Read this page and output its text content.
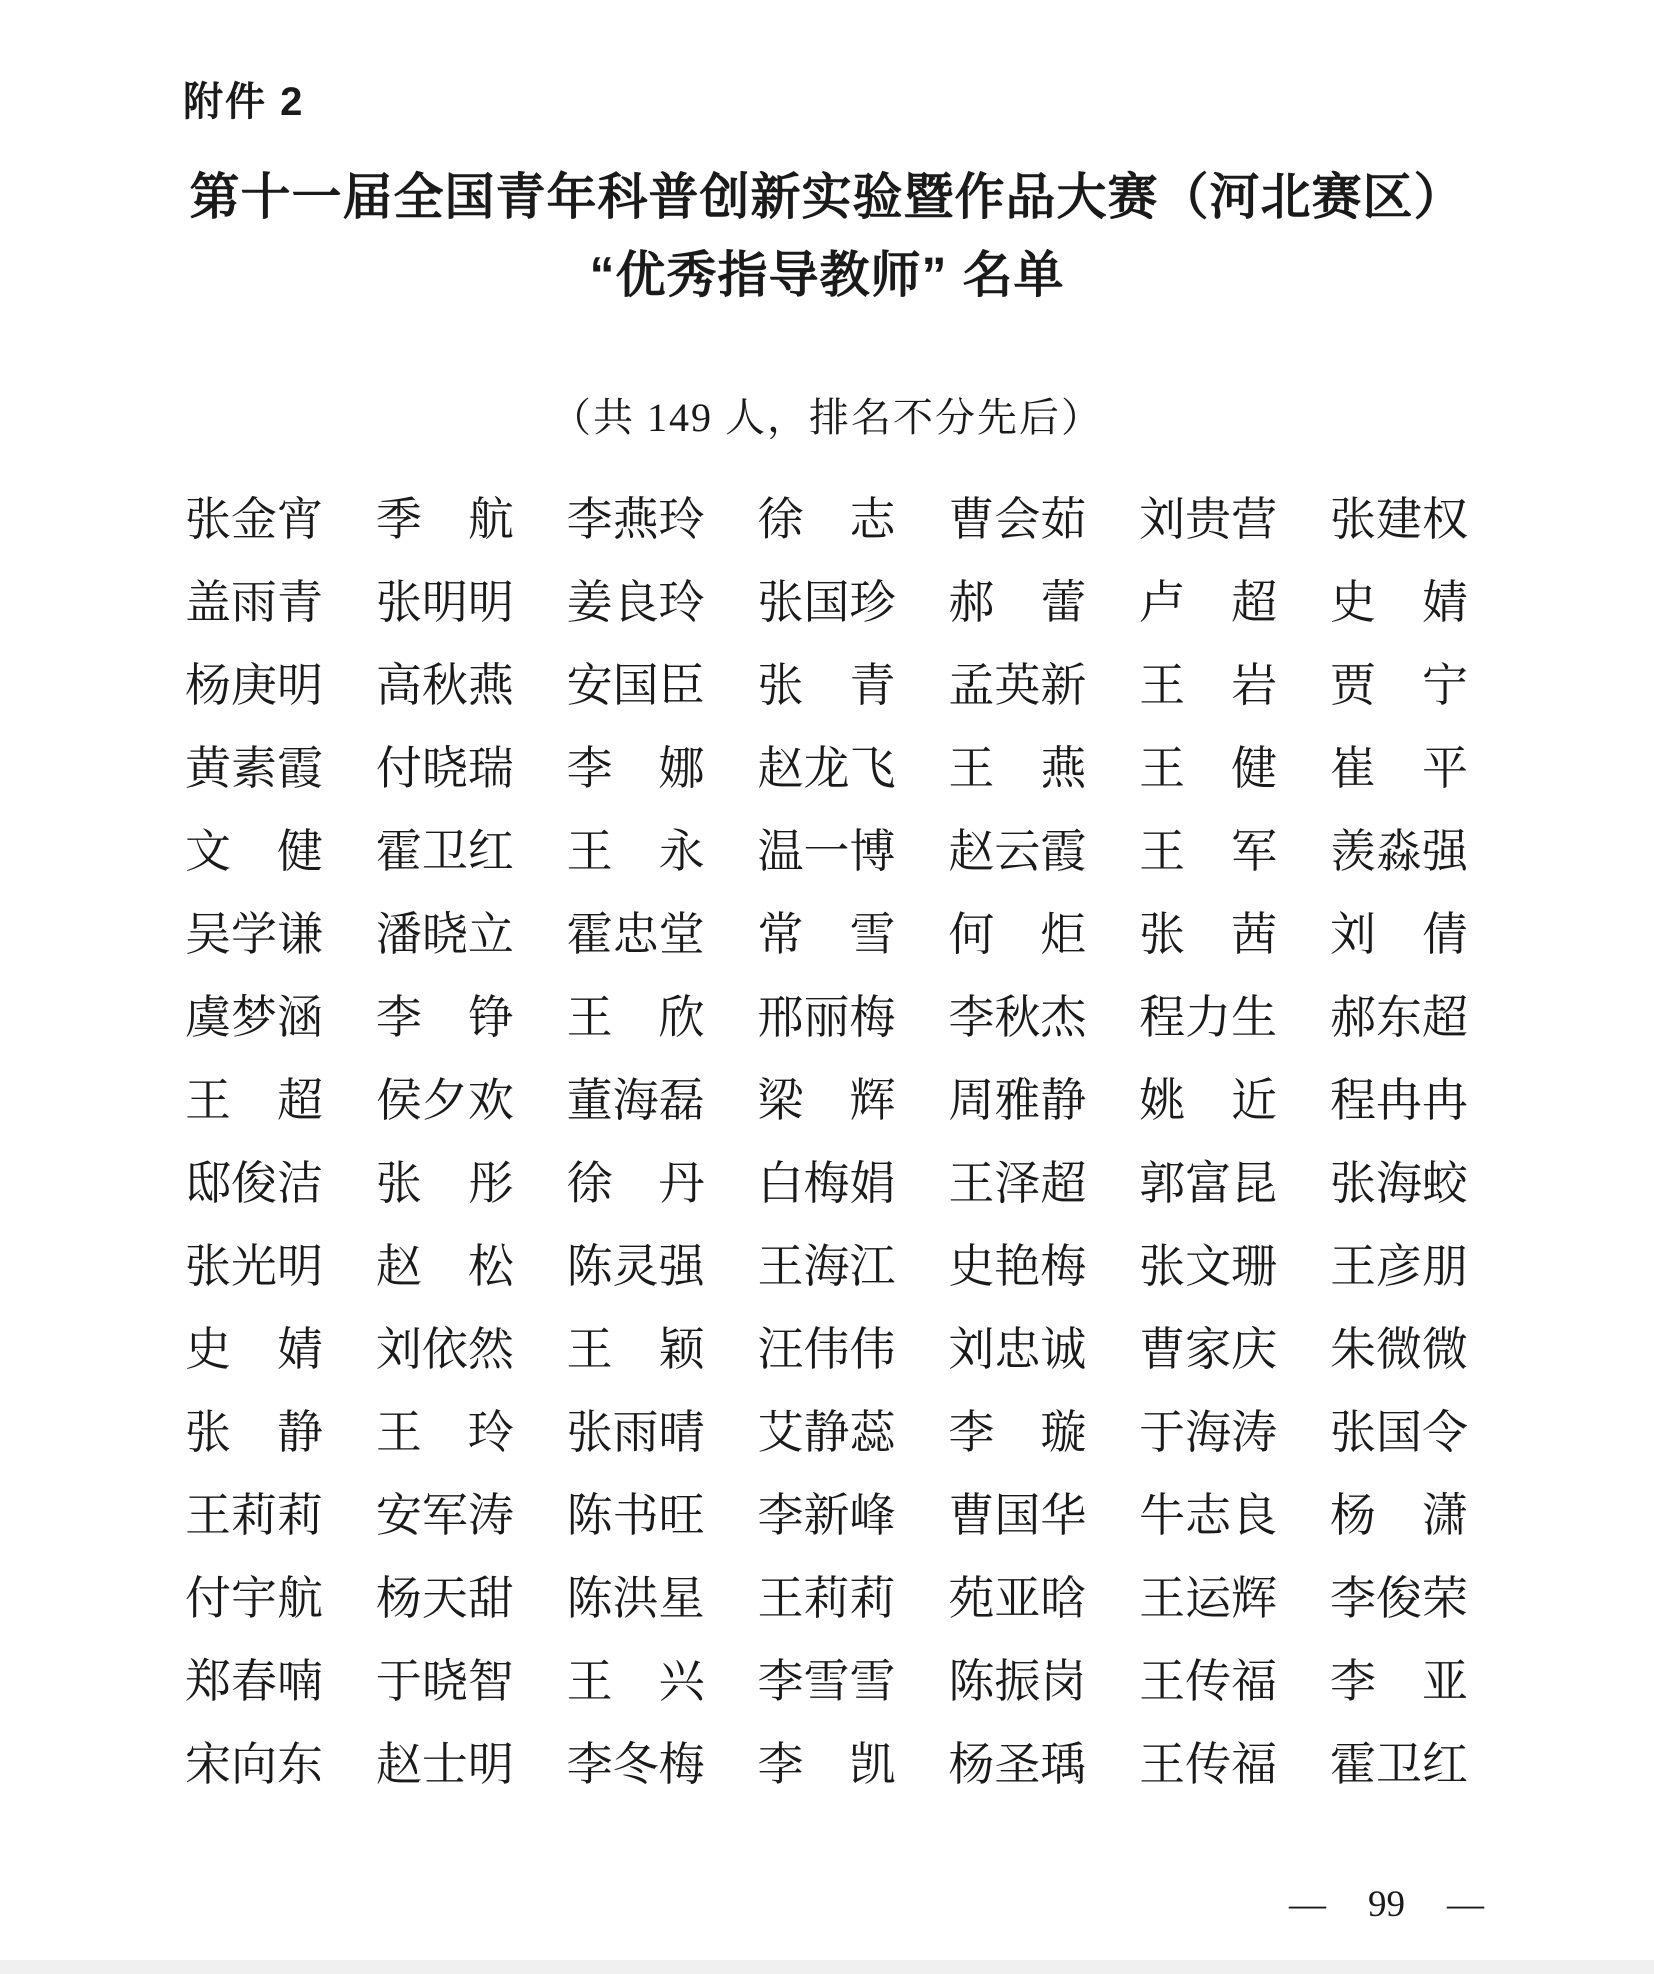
附件 2
第十一届全国青年科普创新实验暨作品大赛（河北赛区）
“优秀指导教师” 名单
（共 149 人，排名不分先后）
张金宵 季　航 李燕玲 徐　志 曹会茹 刘贵营 张建权
盖雨青 张明明 姜良玲 张国珍 郝　蕾 卢　超 史　婧
杨庚明 高秋燕 安国臣 张　青 孟英新 王　岩 贾　宁
黄素霞 付晓瑞 李　娜 赵龙飞 王　燕 王　健 崔　平
文　健 霍卫红 王　永 温一博 赵云霞 王　军 羡淼强
吴学谦 潘晓立 霍忠堂 常　雪 何　炬 张　茜 刘　倩
虞梦涵 李　铮 王　欣 邢丽梅 李秋杰 程力生 郝东超
王　超 侯夕欢 董海磊 梁　辉 周雅静 姚　近 程冉冉
邸俊洁 张　彤 徐　丹 白梅娟 王泽超 郭富昆 张海蛟
张光明 赵　松 陈灵强 王海江 史艳梅 张文珊 王彦朋
史　婧 刘依然 王　颖 汪伟伟 刘忠诚 曹家庆 朱微微
张　静 王　玲 张雨晴 艾静蕊 李　璇 于海涛 张国令
王莉莉 安军涛 陈书旺 李新峰 曹国华 牛志良 杨　潇
付宇航 杨天甜 陈洪星 王莉莉 苑亚晗 王运辉 李俊荣
郑春喃 于晓智 王　兴 李雪雪 陈振岗 王传福 李　亚
宋向东 赵士明 李冬梅 李　凯 杨圣瑀 王传福 霍卫红
— 99 —
